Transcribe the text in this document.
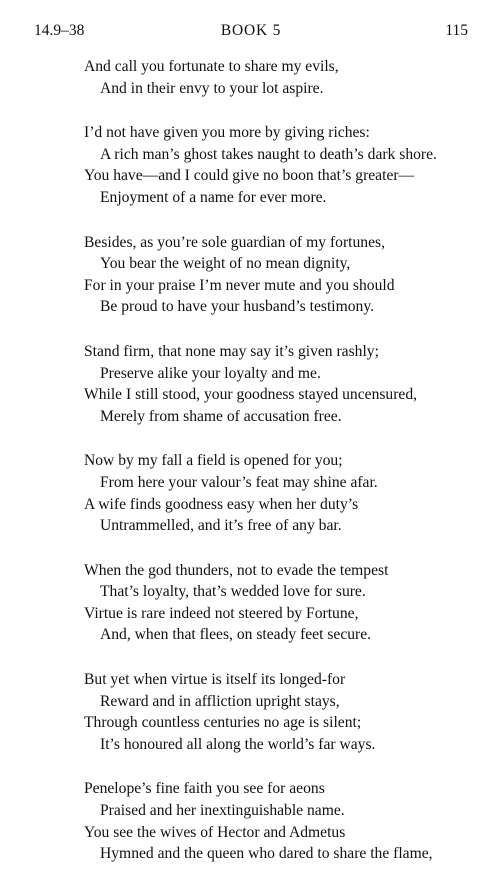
14.9–38	BOOK 5	115
And call you fortunate to share my evils,
And in their envy to your lot aspire.
I’d not have given you more by giving riches:
A rich man’s ghost takes naught to death’s dark shore.
You have—and I could give no boon that’s greater—
Enjoyment of a name for ever more.
Besides, as you’re sole guardian of my fortunes,
You bear the weight of no mean dignity,
For in your praise I’m never mute and you should
Be proud to have your husband’s testimony.
Stand firm, that none may say it’s given rashly;
Preserve alike your loyalty and me.
While I still stood, your goodness stayed uncensured,
Merely from shame of accusation free.
Now by my fall a field is opened for you;
From here your valour’s feat may shine afar.
A wife finds goodness easy when her duty’s
Untrammelled, and it’s free of any bar.
When the god thunders, not to evade the tempest
That’s loyalty, that’s wedded love for sure.
Virtue is rare indeed not steered by Fortune,
And, when that flees, on steady feet secure.
But yet when virtue is itself its longed-for
Reward and in affliction upright stays,
Through countless centuries no age is silent;
It’s honoured all along the world’s far ways.
Penelope’s fine faith you see for aeons
Praised and her inextinguishable name.
You see the wives of Hector and Admetus
Hymned and the queen who dared to share the flame,
